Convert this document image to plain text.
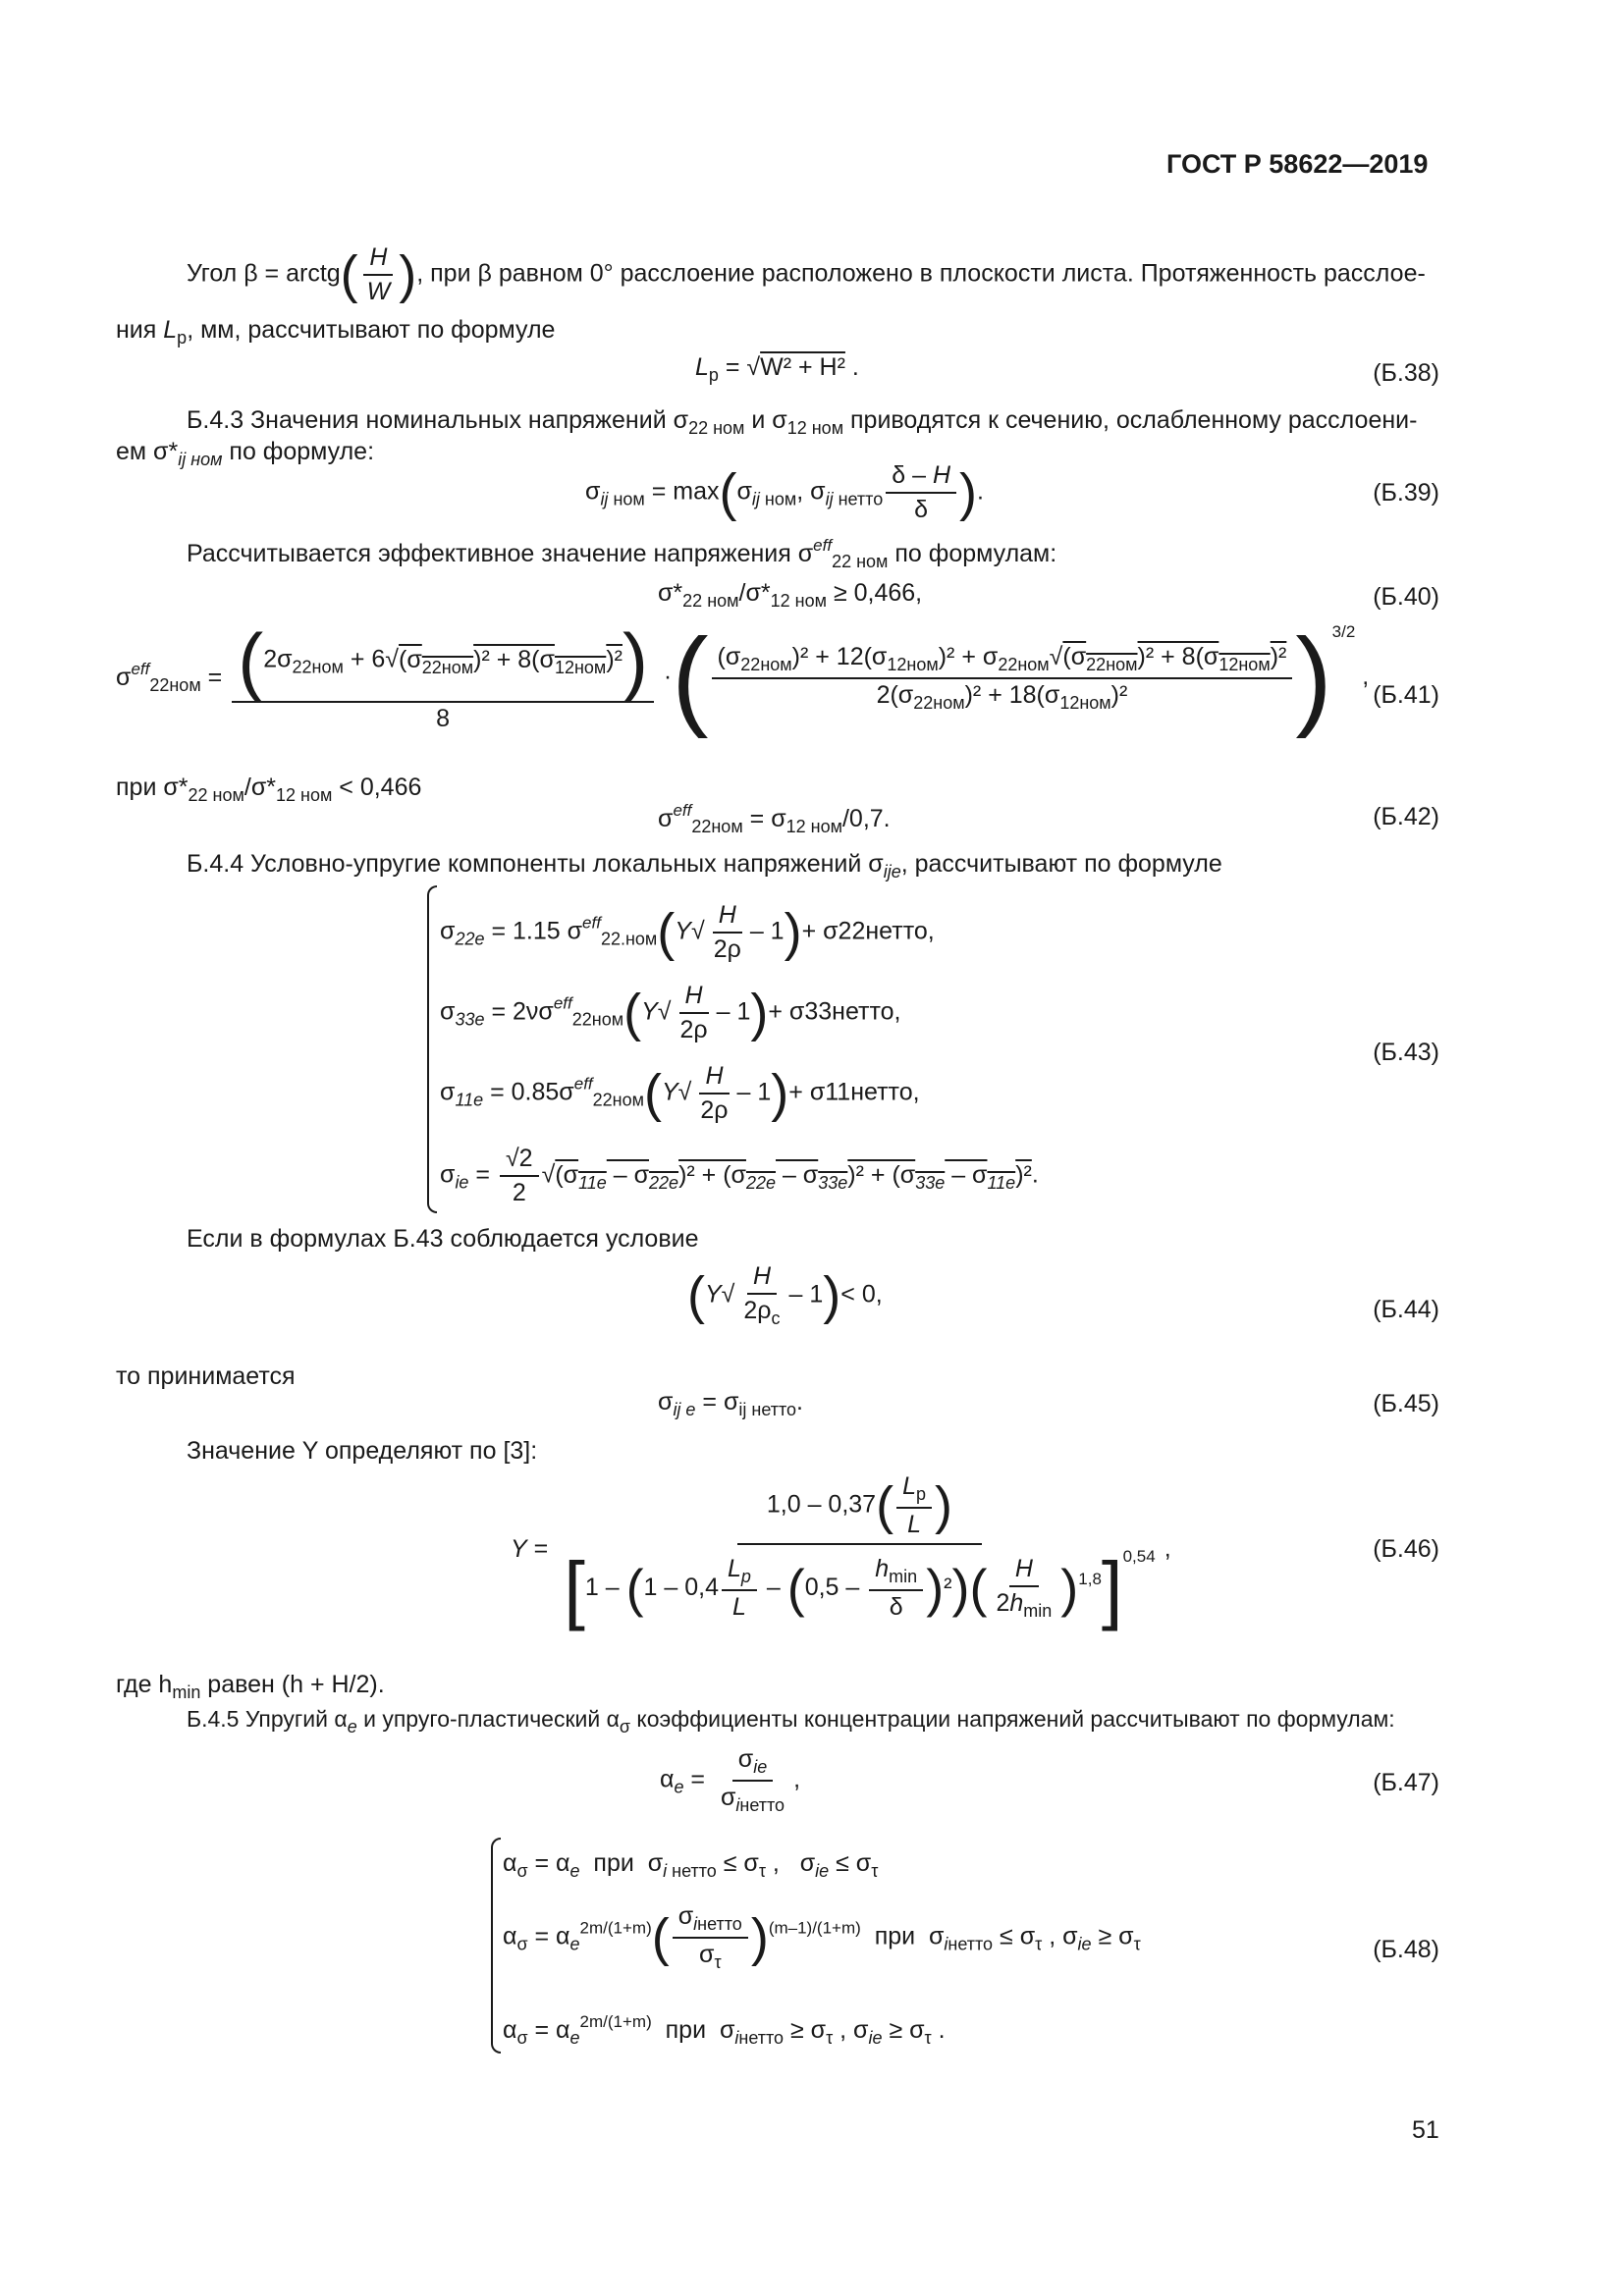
ГОСТ Р 58622—2019
Угол β = arctg( $\frac{H}{W}$ ), при β равном 0° расслоение расположено в плоскости листа. Протяженность расслое-
ния $L_p$, мм, рассчитывают по формуле
$L_p = √W^2 + H^2$ .	(Б.38)
Б.4.3 Значения номинальных напряжений $\sigma_{22 ном}$ и $\sigma_{12 ном}$ приводятся к сечению, ослабленному расслоени-
ем $\sigma*_{ij ном}$ по формуле:
$\sigma_{ij ном} = \max(\sigma_{ij ном}$, $\sigma_{ij нетто} \frac{\delta - H}{\delta}$ ).	(Б.39)
Рассчитывается эффективное значение напряжения $\sigma^{eff}_{22 ном}$ по формулам:
$\sigma*_{22 ном}/\sigma*_{12 ном} \ge 0,466$,	(Б.40)
$\sigma^{eff}_{22ном} = \frac{(2\sigma_{22ном} + 6√(\sigma_{22ном})^2 + 8(\sigma_{12ном})^2)}{8}$ ·( $\frac{(\sigma_{22ном})^2 + 12(\sigma_{12ном})^2 + \sigma_{22ном}√(\sigma_{22ном})^2 + 8(\sigma_{12ном})^2}{2(\sigma_{22ном})^2 + 18(\sigma_{12ном})^2} )^{3/2}$ ,
(Б.41)
при $\sigma*_{22 ном}/\sigma*_{12 ном} < 0,466$
$\sigma^{eff}_{22ном} = \sigma_{12 ном}/0,7$.	(Б.42)
Б.4.4 Условно-упругие компоненты локальных напряжений $\sigma_{ije}$, рассчитывают по формуле
$\sigma_{22e} = 1.15$ $\sigma^{eff}_{22.ном}(Y√ \frac{H}{2\rho} - 1)+$ σ22нетто,
$\sigma_{33e} = 2\nu\sigma^{eff}_{22ном}(Y√ \frac{H}{2\rho} - 1)+$ σ33нетто,
$\sigma_{11e} = 0.85\sigma^{eff}_{22ном}(Y√ \frac{H}{2\rho} - 1)+$ σ11нетто,
$\sigma_{ie} = \frac{√2}{2} √(\sigma_{11e} - \sigma_{22e})^2 + (\sigma_{22e} - \sigma_{33e})^2 + (\sigma_{33e} - \sigma_{11e})^2$.
(Б.43)
Если в формулах Б.43 соблюдается условие
$(Y√ \frac{H}{2\rho_c} - 1)< 0$,
(Б.44)
то принимается
$\sigma_{ij e} = \sigma_{ij нетто}$.	(Б.45)
Значение Y определяют по [3]:
$Y = \frac{1,0 - 0,37( \frac{L_p}{L} )}{[1 - (1 - 0,4 \frac{L_p}{L} - (0,5 - \frac{h_{min}}{\delta} )^2)( \frac{H}{2h_{min}} )^{1,8}]^{0,54}}$ ,	(Б.46)
где $h_{min}$ равен (h + H/2).
Б.4.5 Упругий $\alpha_e$ и упруго-пластический $\alpha_\sigma$ коэффициенты концентрации напряжений рассчитывают по формулам:
$\alpha_e = \frac{\sigma_{ie}}{\sigma_{iнетто}}$ ,	(Б.47)
$\alpha_\sigma = \alpha_e$  при  $\sigma_{i нетто} \le \sigma_\tau$ ,   $\sigma_{ie} \le \sigma_\tau$
$\alpha_\sigma = \alpha_e^{2m/(1+m)}( \frac{\sigma_{iнетто}}{\sigma_\tau} )^{(m-1)/(1+m)}$  при  $\sigma_{iнетто} \le \sigma_\tau$ , $\sigma_{ie} \ge \sigma_\tau$
$\alpha_\sigma = \alpha_e^{2m/(1+m)}$  при  $\sigma_{iнетто} \ge \sigma_\tau$ , $\sigma_{ie} \ge \sigma_\tau$ .
(Б.48)
51
